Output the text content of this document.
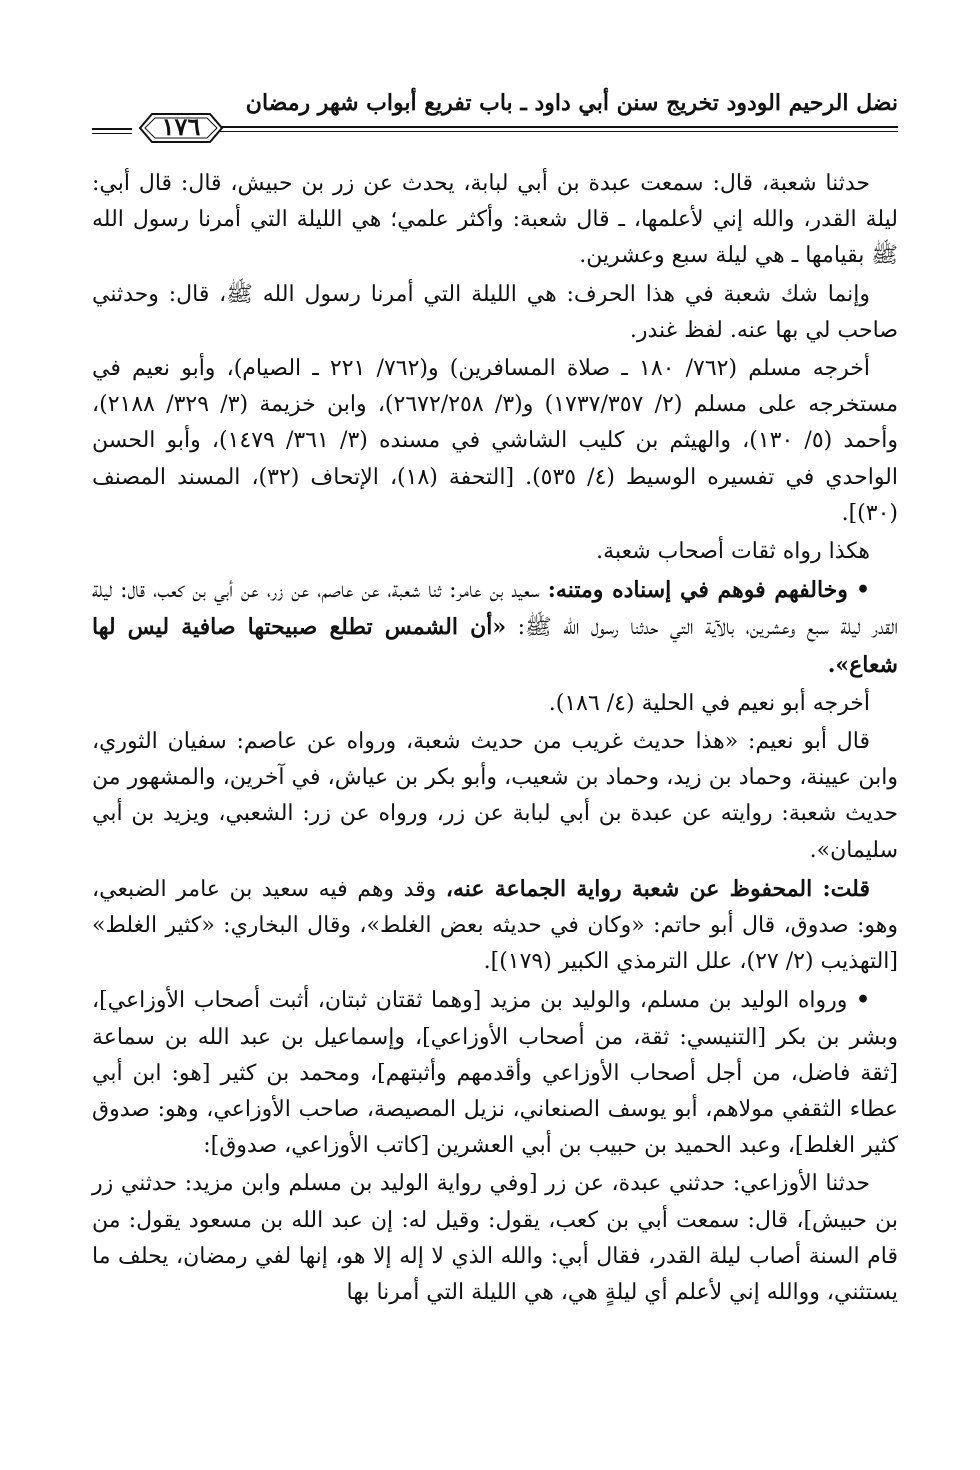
نضل الرحيم الودود تخريج سنن أبي داود ـ باب تفريع أبواب شهر رمضان
١٧٦

حدثنا شعبة، قال: سمعت عبدة بن أبي لبابة، يحدث عن زر بن حبيش، قال: قال أبي: ليلة القدر، والله إني لأعلمها، ـ قال شعبة: وأكثر علمي؛ هي الليلة التي أمرنا رسول الله ﷺ بقيامها ـ هي ليلة سبع وعشرين.

وإنما شك شعبة في هذا الحرف: هي الليلة التي أمرنا رسول الله ﷺ، قال: وحدثني صاحب لي بها عنه. لفظ غندر.

أخرجه مسلم (٧٦٢/ ١٨٠ ـ صلاة المسافرين) و(٧٦٢/ ٢٢١ ـ الصيام)، وأبو نعيم في مستخرجه على مسلم (٢/ ١٧٣٧/٣٥٧) و(٣/ ٢٦٧٢/٢٥٨)، وابن خزيمة (٣/ ٣٢٩/ ٢١٨٨)، وأحمد (٥/ ١٣٠)، والهيثم بن كليب الشاشي في مسنده (٣/ ٣٦١/ ١٤٧٩)، وأبو الحسن الواحدي في تفسيره الوسيط (٤/ ٥٣٥). [التحفة (١٨)، الإتحاف (٣٢)، المسند المصنف (٣٠)].

هكذا رواه ثقات أصحاب شعبة.

• وخالفهم فوهم في إسناده ومتنه: سعيد بن عامر: ثنا شعبة، عن عاصم، عن زر، عن أبي بن كعب، قال: ليلة القدر ليلة سبع وعشرين، بالآية التي حدثنا رسول الله ﷺ: «أن الشمس تطلع صبيحتها صافية ليس لها شعاع».

أخرجه أبو نعيم في الحلية (٤/ ١٨٦).

قال أبو نعيم: «هذا حديث غريب من حديث شعبة، ورواه عن عاصم: سفيان الثوري، وابن عيينة، وحماد بن زيد، وحماد بن شعيب، وأبو بكر بن عياش، في آخرين، والمشهور من حديث شعبة: روايته عن عبدة بن أبي لبابة عن زر، ورواه عن زر: الشعبي، ويزيد بن أبي سليمان».

قلت: المحفوظ عن شعبة رواية الجماعة عنه، وقد وهم فيه سعيد بن عامر الضبعي، وهو: صدوق، قال أبو حاتم: «وكان في حديثه بعض الغلط»، وقال البخاري: «كثير الغلط» [التهذيب (٢/ ٢٧)، علل الترمذي الكبير (١٧٩)].

• ورواه الوليد بن مسلم، والوليد بن مزيد [وهما ثقتان ثبتان، أثبت أصحاب الأوزاعي]، وبشر بن بكر [التنيسي: ثقة، من أصحاب الأوزاعي]، وإسماعيل بن عبد الله بن سماعة [ثقة فاضل، من أجل أصحاب الأوزاعي وأقدمهم وأثبتهم]، ومحمد بن كثير [هو: ابن أبي عطاء الثقفي مولاهم، أبو يوسف الصنعاني، نزيل المصيصة، صاحب الأوزاعي، وهو: صدوق كثير الغلط]، وعبد الحميد بن حبيب بن أبي العشرين [كاتب الأوزاعي، صدوق]:

حدثنا الأوزاعي: حدثني عبدة، عن زر [وفي رواية الوليد بن مسلم وابن مزيد: حدثني زر بن حبيش]، قال: سمعت أبي بن كعب، يقول: وقيل له: إن عبد الله بن مسعود يقول: من قام السنة أصاب ليلة القدر، فقال أبي: والله الذي لا إله إلا هو، إنها لفي رمضان، يحلف ما يستثني، ووالله إني لأعلم أي ليلةٍ هي، هي الليلة التي أمرنا بها
